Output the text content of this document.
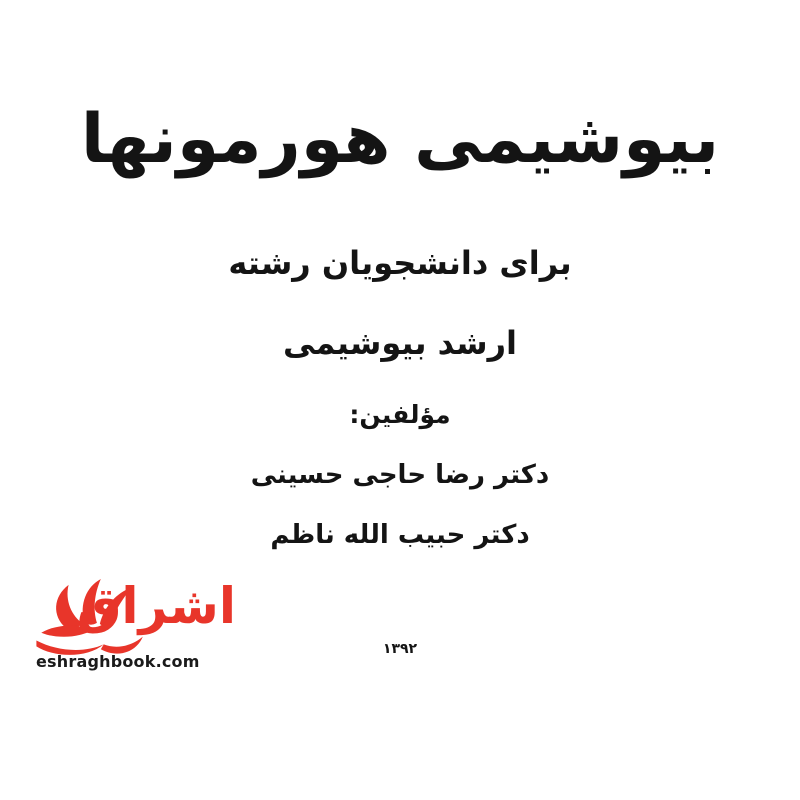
بیوشیمی هورمونها
برای دانشجویان رشته
ارشد بیوشیمی
مؤلفین:
دکتر رضا حاجی حسینی
دکتر حبیب الله ناظم
۱۳۹۲
اشراق
eshraghbook.com
